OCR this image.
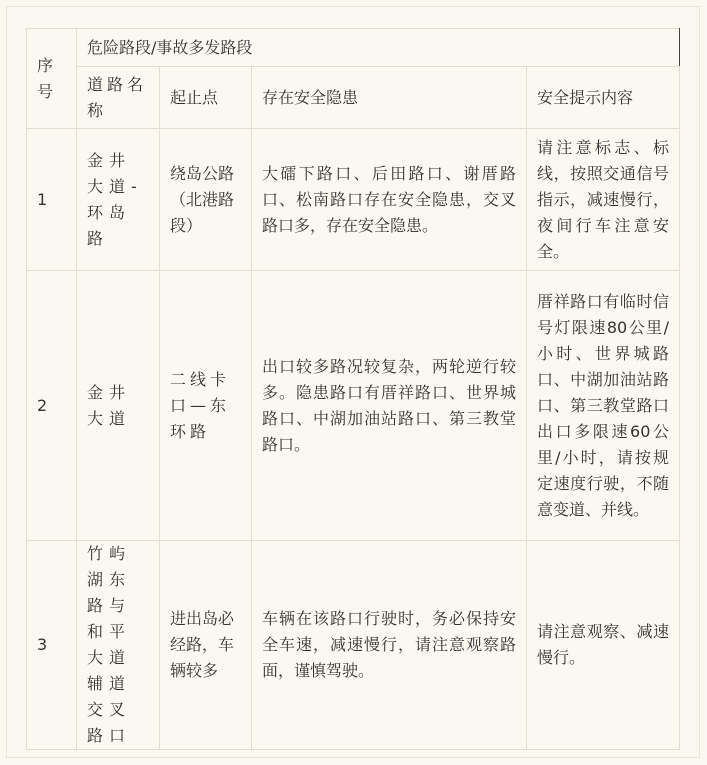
序号	危险路段/事故多发路段			
	道路名称	起止点	存在安全隐患	安全提示内容
1	金井大道-环岛路	绕岛公路（北港路段）	大礌下路口、后田路口、谢厝路口、松南路口存在安全隐患，交叉路口多，存在安全隐患。	请注意标志、标线，按照交通信号指示，减速慢行，夜间行车注意安全。
2	金井大道	二线卡口—东环路	出口较多路况较复杂，两轮逆行较多。隐患路口有厝祥路口、世界城路口、中湖加油站路口、第三教堂路口。	厝祥路口有临时信号灯限速80公里/小时、世界城路口、中湖加油站路口、第三教堂路口出口多限速60公里/小时，请按规定速度行驶，不随意变道、并线。
3	竹屿湖东路与和平大道辅道交叉路口	进出岛必经路，车辆较多	车辆在该路口行驶时，务必保持安全车速，减速慢行，请注意观察路面，谨慎驾驶。	请注意观察、减速慢行。
